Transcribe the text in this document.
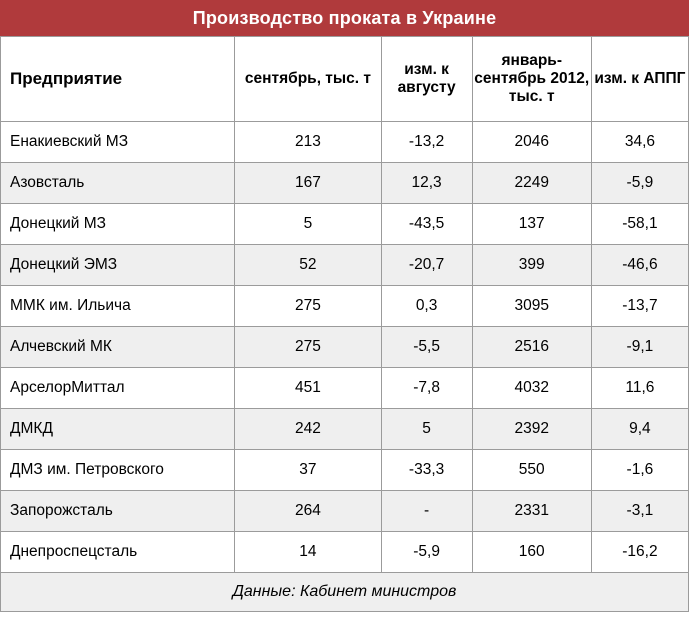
Производство проката в Украине
Предприятие	сентябрь, тыс. т	изм. к августу	январь-сентябрь 2012, тыс. т	изм. к АППГ
Енакиевский МЗ	213	-13,2	2046	34,6
Азовсталь	167	12,3	2249	-5,9
Донецкий МЗ	5	-43,5	137	-58,1
Донецкий ЭМЗ	52	-20,7	399	-46,6
ММК им. Ильича	275	0,3	3095	-13,7
Алчевский МК	275	-5,5	2516	-9,1
АрселорМиттал	451	-7,8	4032	11,6
ДМКД	242	5	2392	9,4
ДМЗ им. Петровского	37	-33,3	550	-1,6
Запорожсталь	264	-	2331	-3,1
Днепроспецсталь	14	-5,9	160	-16,2
Данные: Кабинет министров				
